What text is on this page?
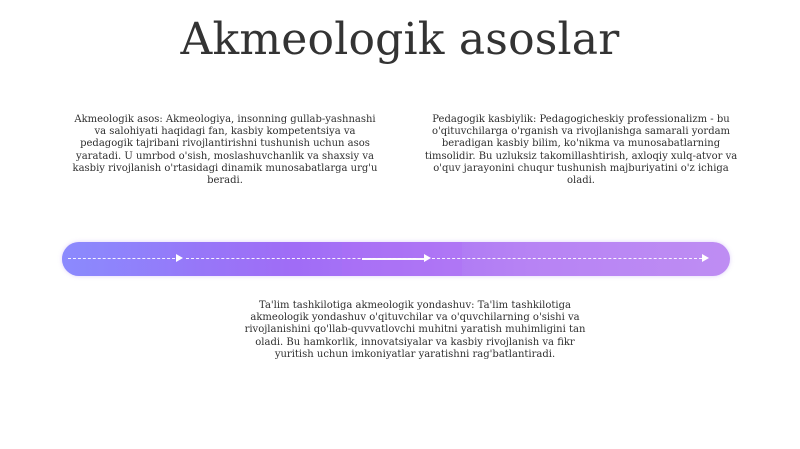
Akmeologik asoslar
Akmeologik asos: Akmeologiya, insonning gullab-yashnashi va salohiyati haqidagi fan, kasbiy kompetentsiya va pedagogik tajribani rivojlantirishni tushunish uchun asos yaratadi. U umrbod o'sish, moslashuvchanlik va shaxsiy va kasbiy rivojlanish o'rtasidagi dinamik munosabatlarga urg'u beradi.
Pedagogik kasbiylik: Pedagogicheskiy professionalizm - bu o'qituvchilarga o'rganish va rivojlanishga samarali yordam beradigan kasbiy bilim, ko'nikma va munosabatlarning timsolidir. Bu uzluksiz takomillashtirish, axloqiy xulq-atvor va o'quv jarayonini chuqur tushunish majburiyatini o'z ichiga oladi.
Ta'lim tashkilotiga akmeologik yondashuv: Ta'lim tashkilotiga akmeologik yondashuv o'qituvchilar va o'quvchilarning o'sishi va rivojlanishini qo'llab-quvvatlovchi muhitni yaratish muhimligini tan oladi. Bu hamkorlik, innovatsiyalar va kasbiy rivojlanish va fikr yuritish uchun imkoniyatlar yaratishni rag'batlantiradi.
